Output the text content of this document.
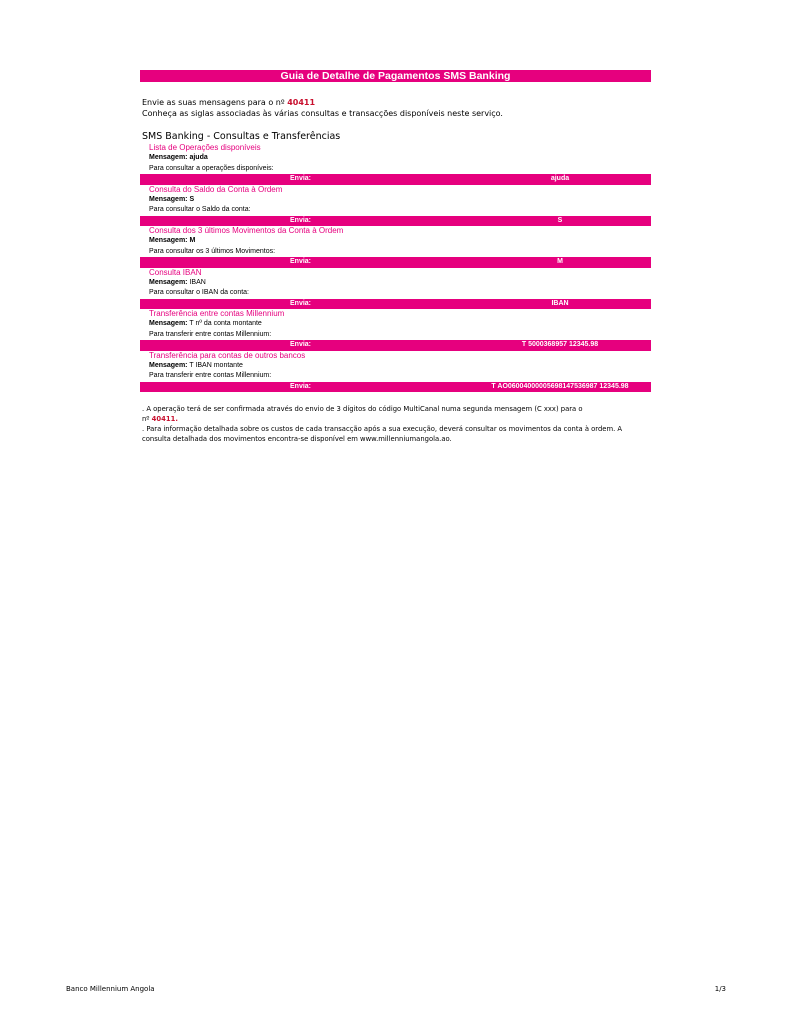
Guia de Detalhe de Pagamentos SMS Banking
Envie as suas mensagens para o nº 40411
Conheça as siglas associadas às várias consultas e transacções disponíveis neste serviço.
SMS Banking - Consultas e Transferências
Lista de Operações disponíveis
Mensagem: ajuda
Para consultar a operações disponíveis:
Envia:	ajuda
Consulta do Saldo da Conta à Ordem
Mensagem: S
Para consultar o Saldo da conta:
Envia:	S
Consulta dos 3 últimos Movimentos da Conta à Ordem
Mensagem: M
Para consultar os 3 últimos Movimentos:
Envia:	M
Consulta IBAN
Mensagem: IBAN
Para consultar o IBAN da conta:
Envia:	IBAN
Transferência entre contas Millennium
Mensagem: T nº da conta montante
Para transferir entre contas Millennium:
Envia:	T 5000368957 12345.98
Transferência para contas de outros bancos
Mensagem: T IBAN montante
Para transferir entre contas Millennium:
Envia:	T AO06004000005698147536987 12345.98
. A operação terá de ser confirmada através do envio de 3 dígitos do código MultiCanal numa segunda mensagem (C xxx) para o
nº 40411.
. Para informação detalhada sobre os custos de cada transacção após a sua execução, deverá consultar os movimentos da conta à ordem. A consulta detalhada dos movimentos encontra-se disponível em www.millenniumangola.ao.
Banco Millennium Angola	1/3
